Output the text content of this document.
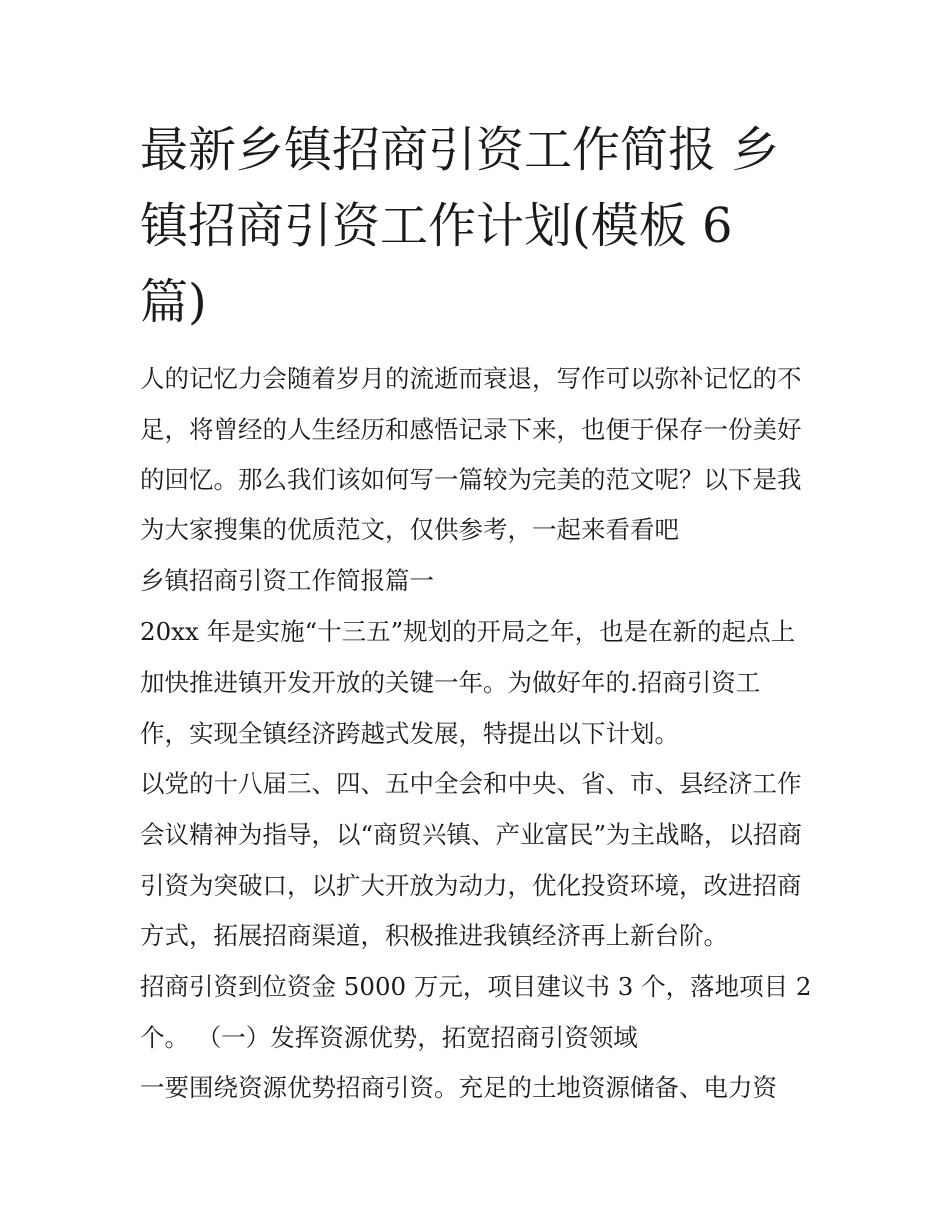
最新乡镇招商引资工作简报 乡
镇招商引资工作计划(模板 6
篇)
人的记忆力会随着岁月的流逝而衰退，写作可以弥补记忆的不
足，将曾经的人生经历和感悟记录下来，也便于保存一份美好
的回忆。那么我们该如何写一篇较为完美的范文呢？以下是我
为大家搜集的优质范文，仅供参考，一起来看看吧
乡镇招商引资工作简报篇一
20xx 年是实施“十三五”规划的开局之年，也是在新的起点上
加快推进镇开发开放的关键一年。为做好年的.招商引资工
作，实现全镇经济跨越式发展，特提出以下计划。
以党的十八届三、四、五中全会和中央、省、市、县经济工作
会议精神为指导，以“商贸兴镇、产业富民”为主战略，以招商
引资为突破口，以扩大开放为动力，优化投资环境，改进招商
方式，拓展招商渠道，积极推进我镇经济再上新台阶。
招商引资到位资金 5000 万元，项目建议书 3 个，落地项目 2
个。 （一）发挥资源优势，拓宽招商引资领域
一要围绕资源优势招商引资。充足的土地资源储备、电力资
